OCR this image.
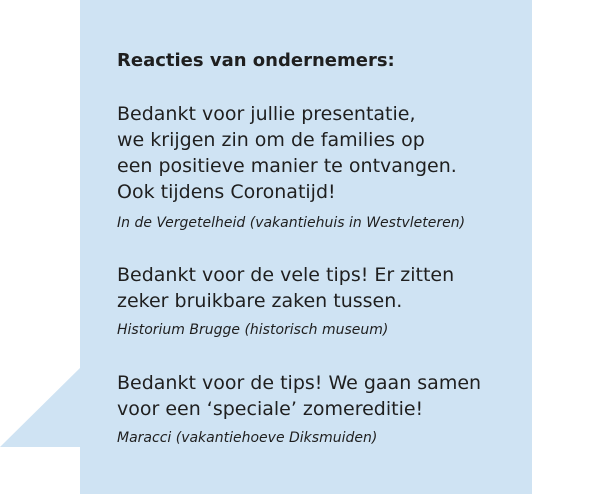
Reacties van ondernemers:
Bedankt voor jullie presentatie,
we krijgen zin om de families op
een positieve manier te ontvangen.
Ook tijdens Coronatijd!
In de Vergetelheid (vakantiehuis in Westvleteren)
Bedankt voor de vele tips! Er zitten
zeker bruikbare zaken tussen.
Historium Brugge (historisch museum)
Bedankt voor de tips! We gaan samen
voor een ‘speciale’ zomereditie!
Maracci (vakantiehoeve Diksmuiden)
